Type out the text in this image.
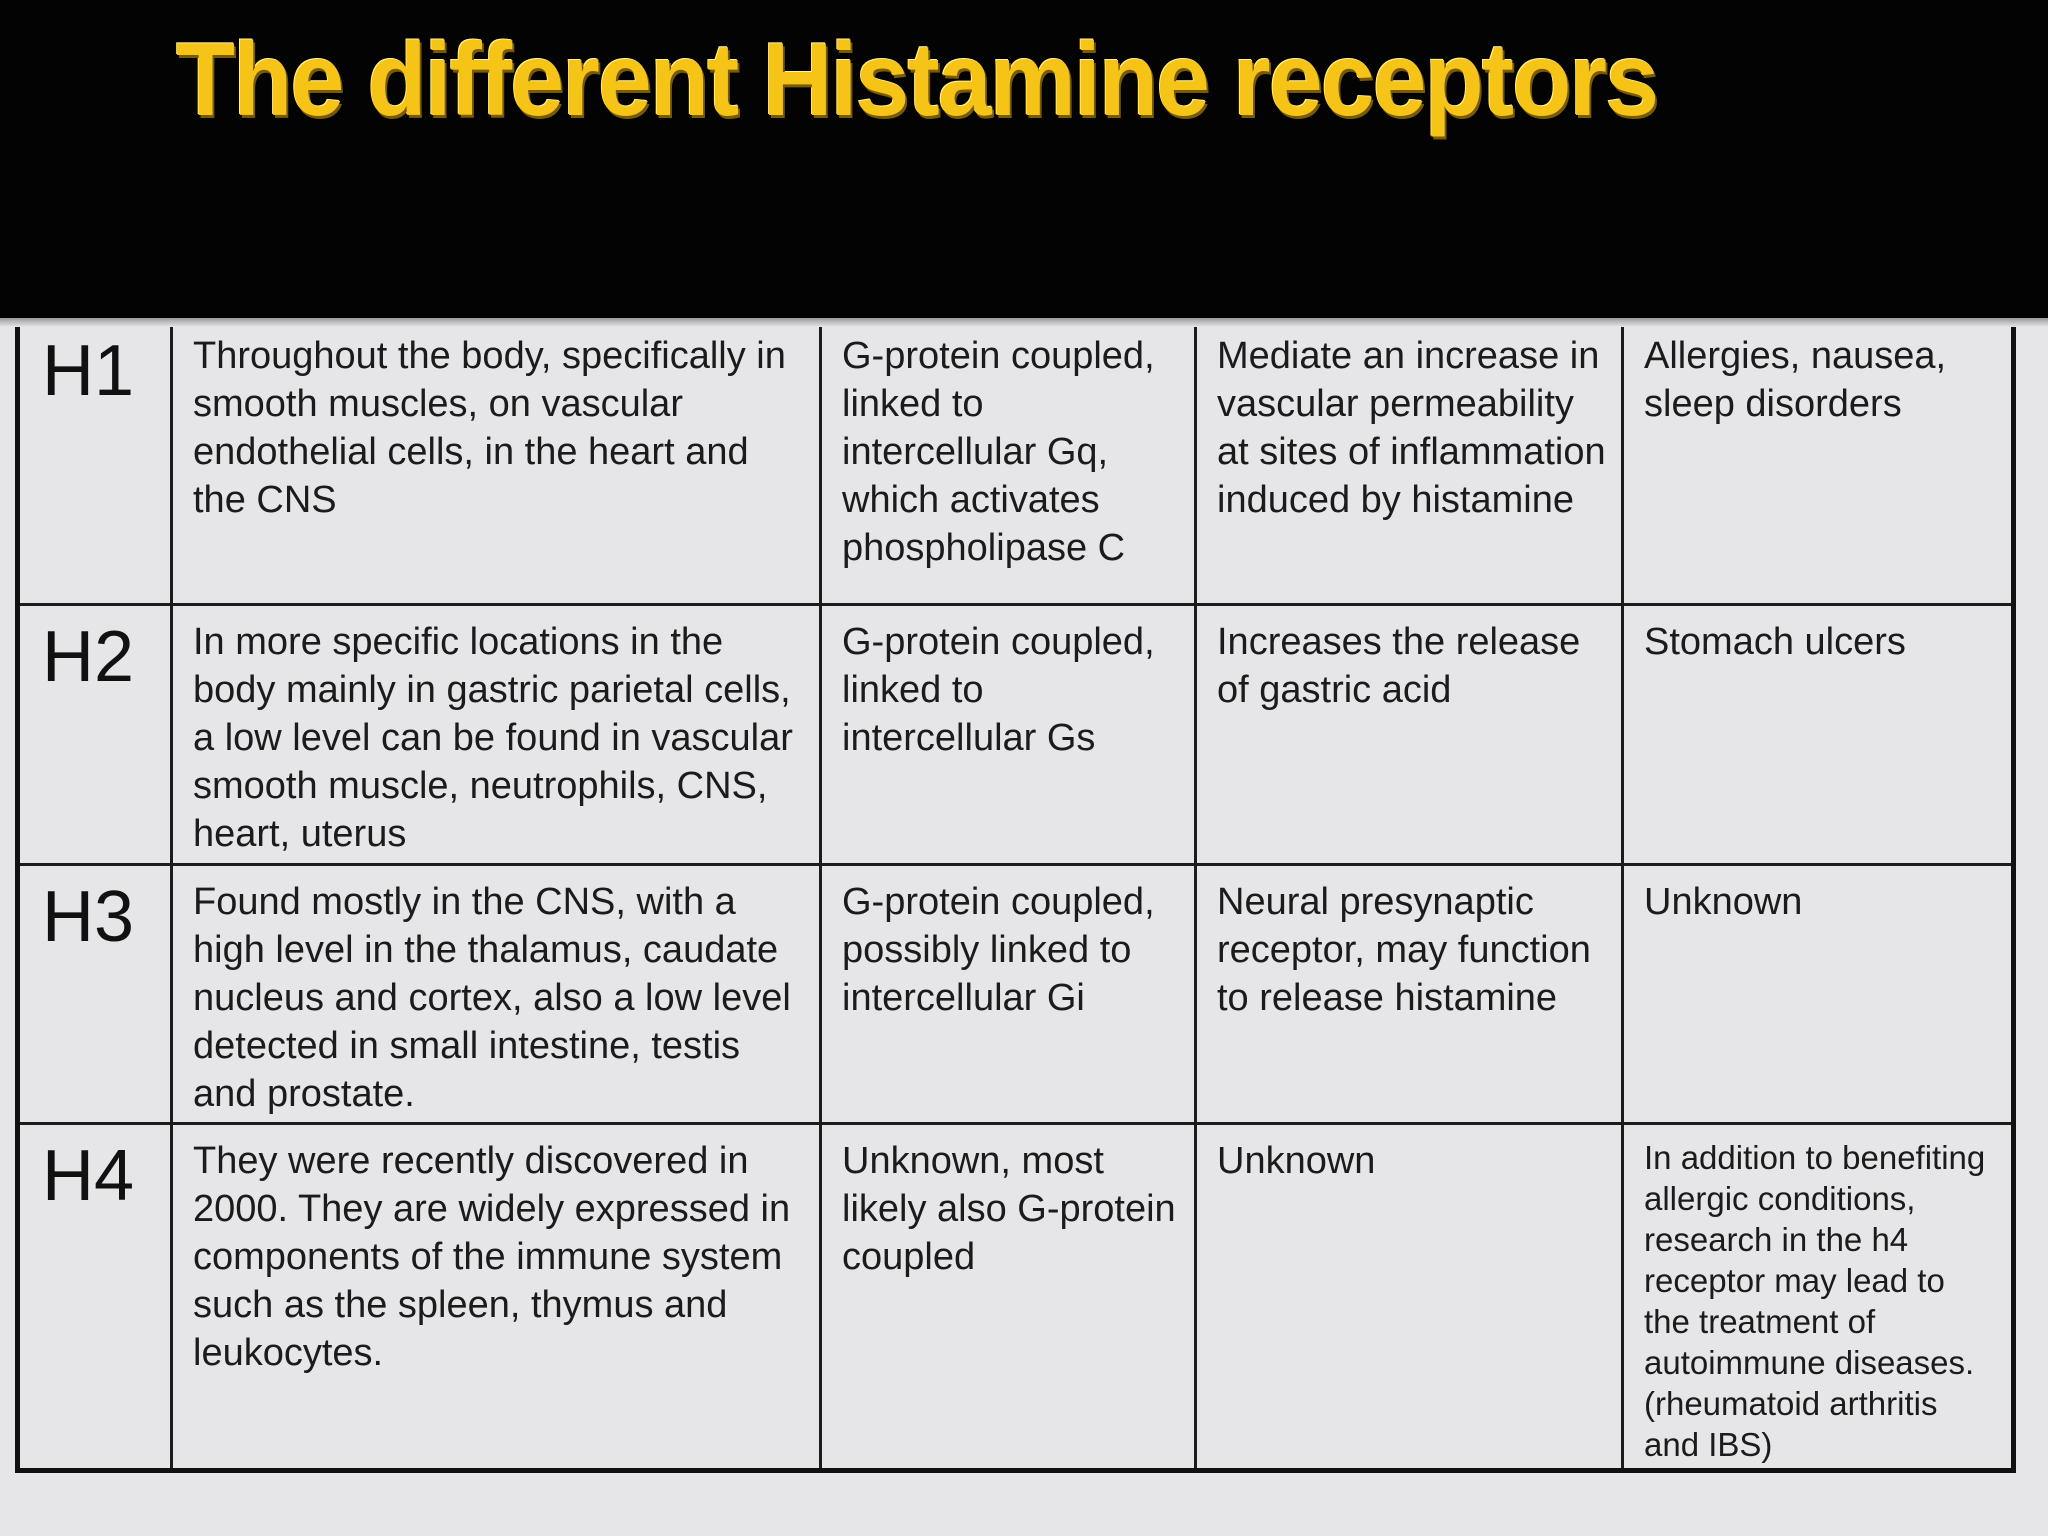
The different Histamine receptors
H1	Throughout the body, specifically in smooth muscles, on vascular endothelial cells, in the heart and the CNS	G-protein coupled, linked to intercellular Gq, which activates phospholipase C	Mediate an increase in vascular permeability at sites of inflammation induced by histamine	Allergies, nausea, sleep disorders
H2	In more specific locations in the body mainly in gastric parietal cells, a low level can be found in vascular smooth muscle, neutrophils, CNS, heart, uterus	G-protein coupled, linked to intercellular Gs	Increases the release of gastric acid	Stomach ulcers
H3	Found mostly in the CNS, with a high level in the thalamus, caudate nucleus and cortex, also a low level detected in small intestine, testis and prostate.	G-protein coupled, possibly linked to intercellular Gi	Neural presynaptic receptor, may function to release histamine	Unknown
H4	They were recently discovered in 2000. They are widely expressed in components of the immune system such as the spleen, thymus and leukocytes.	Unknown, most likely also G-protein coupled	Unknown	In addition to benefiting allergic conditions, research in the h4 receptor may lead to the treatment of autoimmune diseases. (rheumatoid arthritis and IBS)
